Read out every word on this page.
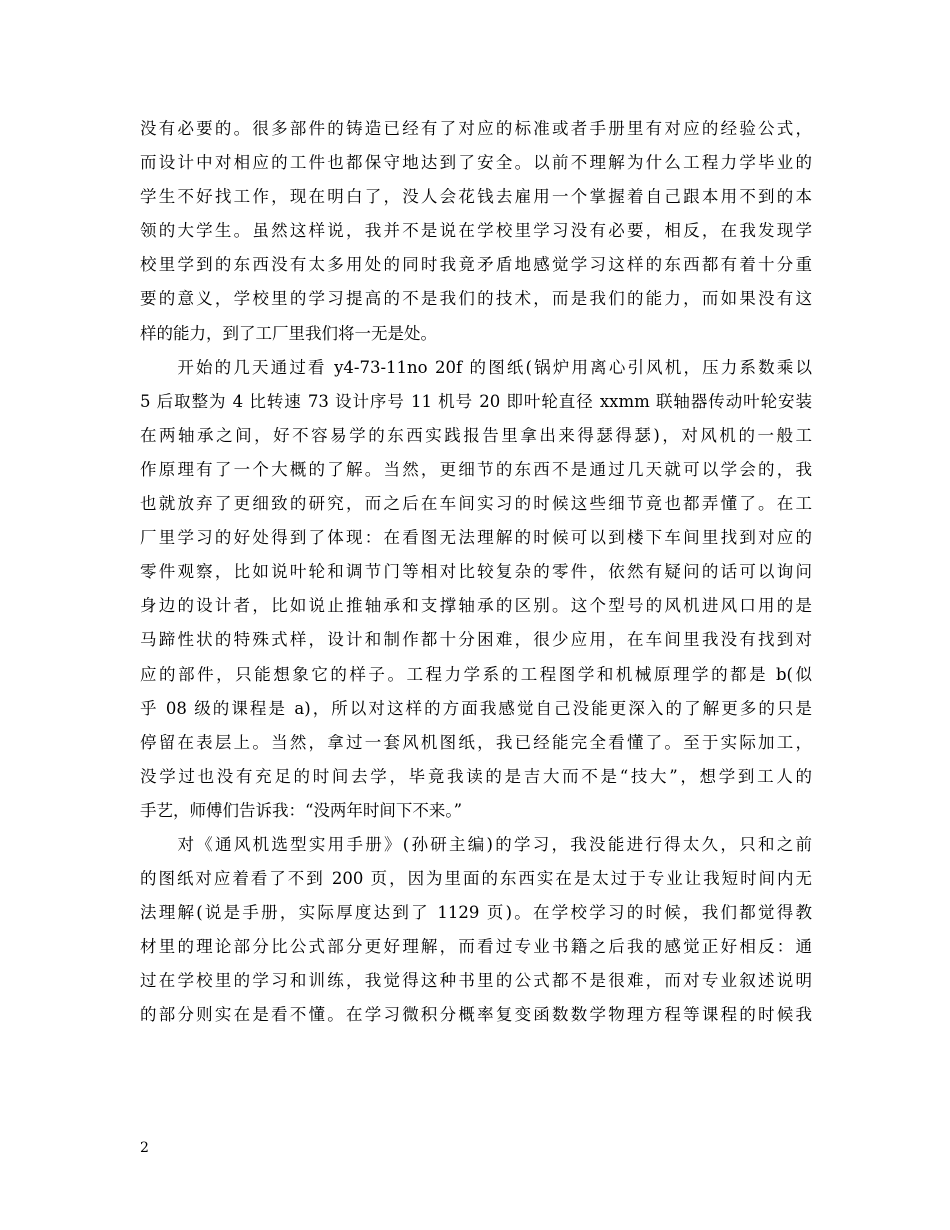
没有必要的。很多部件的铸造已经有了对应的标准或者手册里有对应的经验公式，
而设计中对相应的工件也都保守地达到了安全。以前不理解为什么工程力学毕业的
学生不好找工作，现在明白了，没人会花钱去雇用一个掌握着自己跟本用不到的本
领的大学生。虽然这样说，我并不是说在学校里学习没有必要，相反，在我发现学
校里学到的东西没有太多用处的同时我竟矛盾地感觉学习这样的东西都有着十分重
要的意义，学校里的学习提高的不是我们的技术，而是我们的能力，而如果没有这
样的能力，到了工厂里我们将一无是处。
　　开始的几天通过看 y4-73-11no 20f 的图纸(锅炉用离心引风机，压力系数乘以
5 后取整为 4 比转速 73 设计序号 11 机号 20 即叶轮直径 xxmm 联轴器传动叶轮安装
在两轴承之间，好不容易学的东西实践报告里拿出来得瑟得瑟)，对风机的一般工
作原理有了一个大概的了解。当然，更细节的东西不是通过几天就可以学会的，我
也就放弃了更细致的研究，而之后在车间实习的时候这些细节竟也都弄懂了。在工
厂里学习的好处得到了体现：在看图无法理解的时候可以到楼下车间里找到对应的
零件观察，比如说叶轮和调节门等相对比较复杂的零件，依然有疑问的话可以询问
身边的设计者，比如说止推轴承和支撑轴承的区别。这个型号的风机进风口用的是
马蹄性状的特殊式样，设计和制作都十分困难，很少应用，在车间里我没有找到对
应的部件，只能想象它的样子。工程力学系的工程图学和机械原理学的都是 b(似
乎 08 级的课程是 a)，所以对这样的方面我感觉自己没能更深入的了解更多的只是
停留在表层上。当然，拿过一套风机图纸，我已经能完全看懂了。至于实际加工，
没学过也没有充足的时间去学，毕竟我读的是吉大而不是“技大”，想学到工人的
手艺，师傅们告诉我：“没两年时间下不来。”
　　对《通风机选型实用手册》(孙研主编)的学习，我没能进行得太久，只和之前
的图纸对应着看了不到 200 页，因为里面的东西实在是太过于专业让我短时间内无
法理解(说是手册，实际厚度达到了 1129 页)。在学校学习的时候，我们都觉得教
材里的理论部分比公式部分更好理解，而看过专业书籍之后我的感觉正好相反：通
过在学校里的学习和训练，我觉得这种书里的公式都不是很难，而对专业叙述说明
的部分则实在是看不懂。在学习微积分概率复变函数数学物理方程等课程的时候我
2
